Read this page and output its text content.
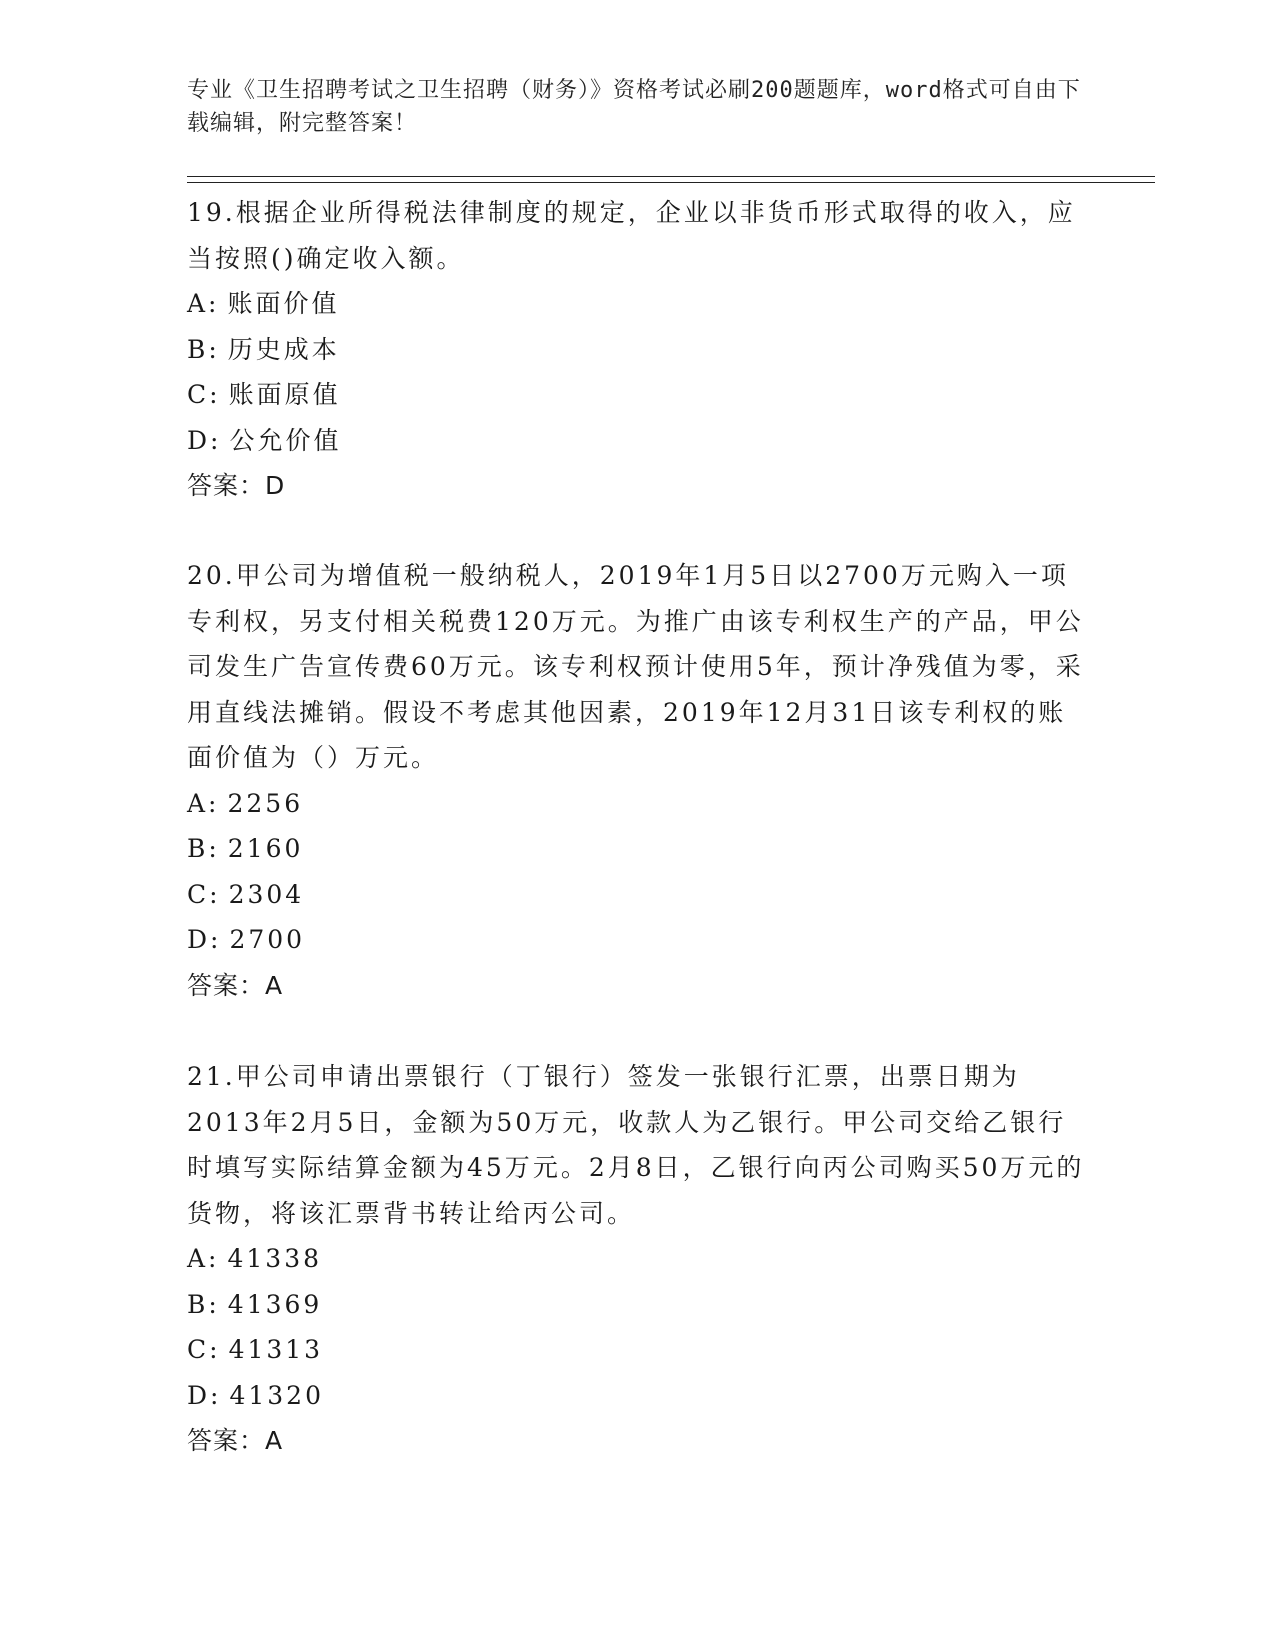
专业《卫生招聘考试之卫生招聘（财务）》资格考试必刷200题题库，word格式可自由下载编辑，附完整答案！

19.根据企业所得税法律制度的规定，企业以非货币形式取得的收入，应当按照()确定收入额。

A: 账面价值

B: 历史成本

C: 账面原值

D: 公允价值

答案：D

20.甲公司为增值税一般纳税人，2019年1月5日以2700万元购入一项专利权，另支付相关税费120万元。为推广由该专利权生产的产品，甲公司发生广告宣传费60万元。该专利权预计使用5年，预计净残值为零，采用直线法摊销。假设不考虑其他因素，2019年12月31日该专利权的账面价值为（）万元。

A: 2256

B: 2160

C: 2304

D: 2700

答案：A

21.甲公司申请出票银行（丁银行）签发一张银行汇票，出票日期为2013年2月5日，金额为50万元，收款人为乙银行。甲公司交给乙银行时填写实际结算金额为45万元。2月8日，乙银行向丙公司购买50万元的货物，将该汇票背书转让给丙公司。

A: 41338

B: 41369

C: 41313

D: 41320

答案：A
